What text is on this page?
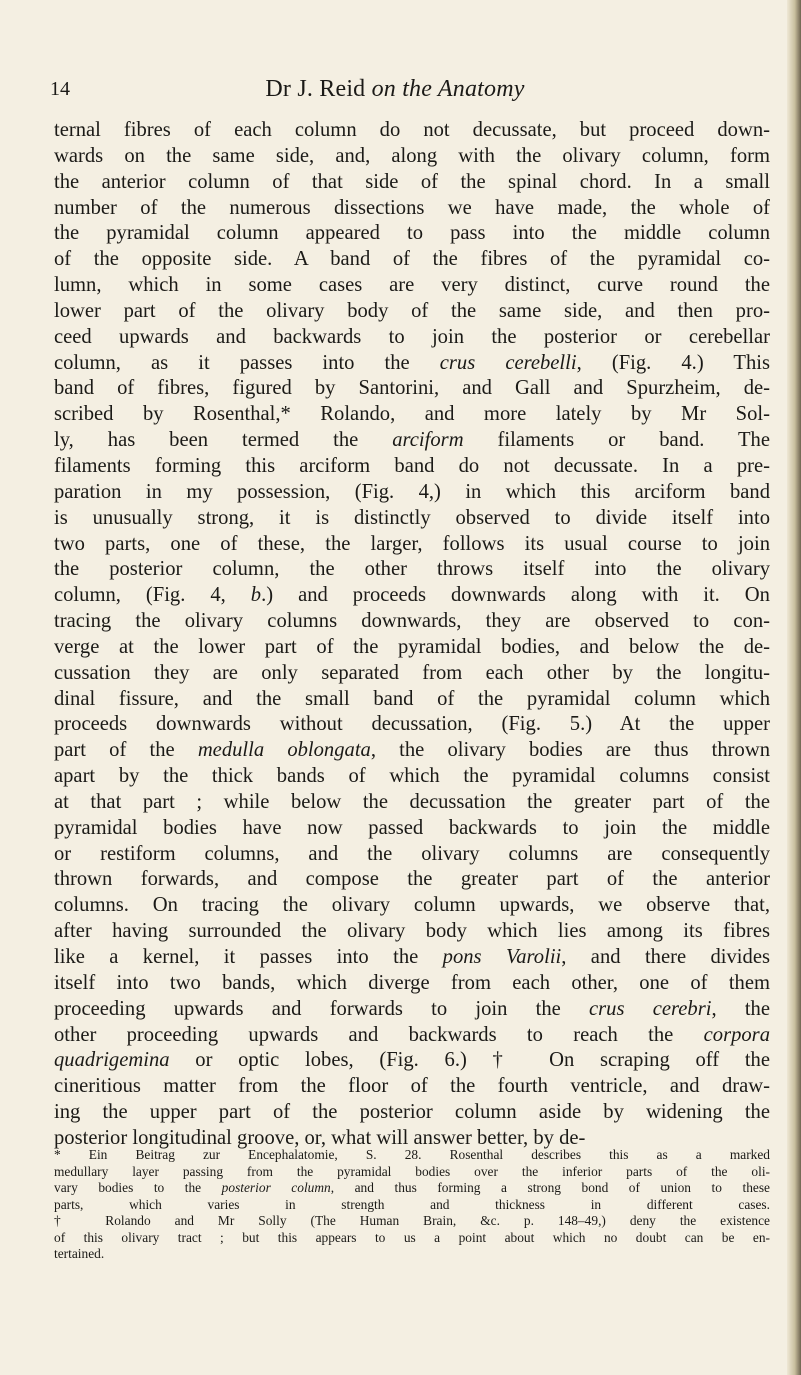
14	Dr J. Reid on the Anatomy
ternal fibres of each column do not decussate, but proceed down-
wards on the same side, and, along with the olivary column, form
the anterior column of that side of the spinal chord. In a small
number of the numerous dissections we have made, the whole of
the pyramidal column appeared to pass into the middle column
of the opposite side. A band of the fibres of the pyramidal co-
lumn, which in some cases are very distinct, curve round the
lower part of the olivary body of the same side, and then pro-
ceed upwards and backwards to join the posterior or cerebellar
column, as it passes into the crus cerebelli, (Fig. 4.) This
band of fibres, figured by Santorini, and Gall and Spurzheim, de-
scribed by Rosenthal,* Rolando, and more lately by Mr Sol-
ly, has been termed the arciform filaments or band. The
filaments forming this arciform band do not decussate. In a pre-
paration in my possession, (Fig. 4,) in which this arciform band
is unusually strong, it is distinctly observed to divide itself into
two parts, one of these, the larger, follows its usual course to join
the posterior column, the other throws itself into the olivary
column, (Fig. 4, b.) and proceeds downwards along with it. On
tracing the olivary columns downwards, they are observed to con-
verge at the lower part of the pyramidal bodies, and below the de-
cussation they are only separated from each other by the longitu-
dinal fissure, and the small band of the pyramidal column which
proceeds downwards without decussation, (Fig. 5.) At the upper
part of the medulla oblongata, the olivary bodies are thus thrown
apart by the thick bands of which the pyramidal columns consist
at that part ; while below the decussation the greater part of the
pyramidal bodies have now passed backwards to join the middle
or restiform columns, and the olivary columns are consequently
thrown forwards, and compose the greater part of the anterior
columns. On tracing the olivary column upwards, we observe that,
after having surrounded the olivary body which lies among its fibres
like a kernel, it passes into the pons Varolii, and there divides
itself into two bands, which diverge from each other, one of them
proceeding upwards and forwards to join the crus cerebri, the
other proceeding upwards and backwards to reach the corpora
quadrigemina or optic lobes, (Fig. 6.) † On scraping off the
cineritious matter from the floor of the fourth ventricle, and draw-
ing the upper part of the posterior column aside by widening the
posterior longitudinal groove, or, what will answer better, by de-
* Ein Beitrag zur Encephalatomie, S. 28. Rosenthal describes this as a marked
medullary layer passing from the pyramidal bodies over the inferior parts of the oli-
vary bodies to the posterior column, and thus forming a strong bond of union to these
parts, which varies in strength and thickness in different cases.
† Rolando and Mr Solly (The Human Brain, &c. p. 148–49,) deny the existence
of this olivary tract ; but this appears to us a point about which no doubt can be en-
tertained.
